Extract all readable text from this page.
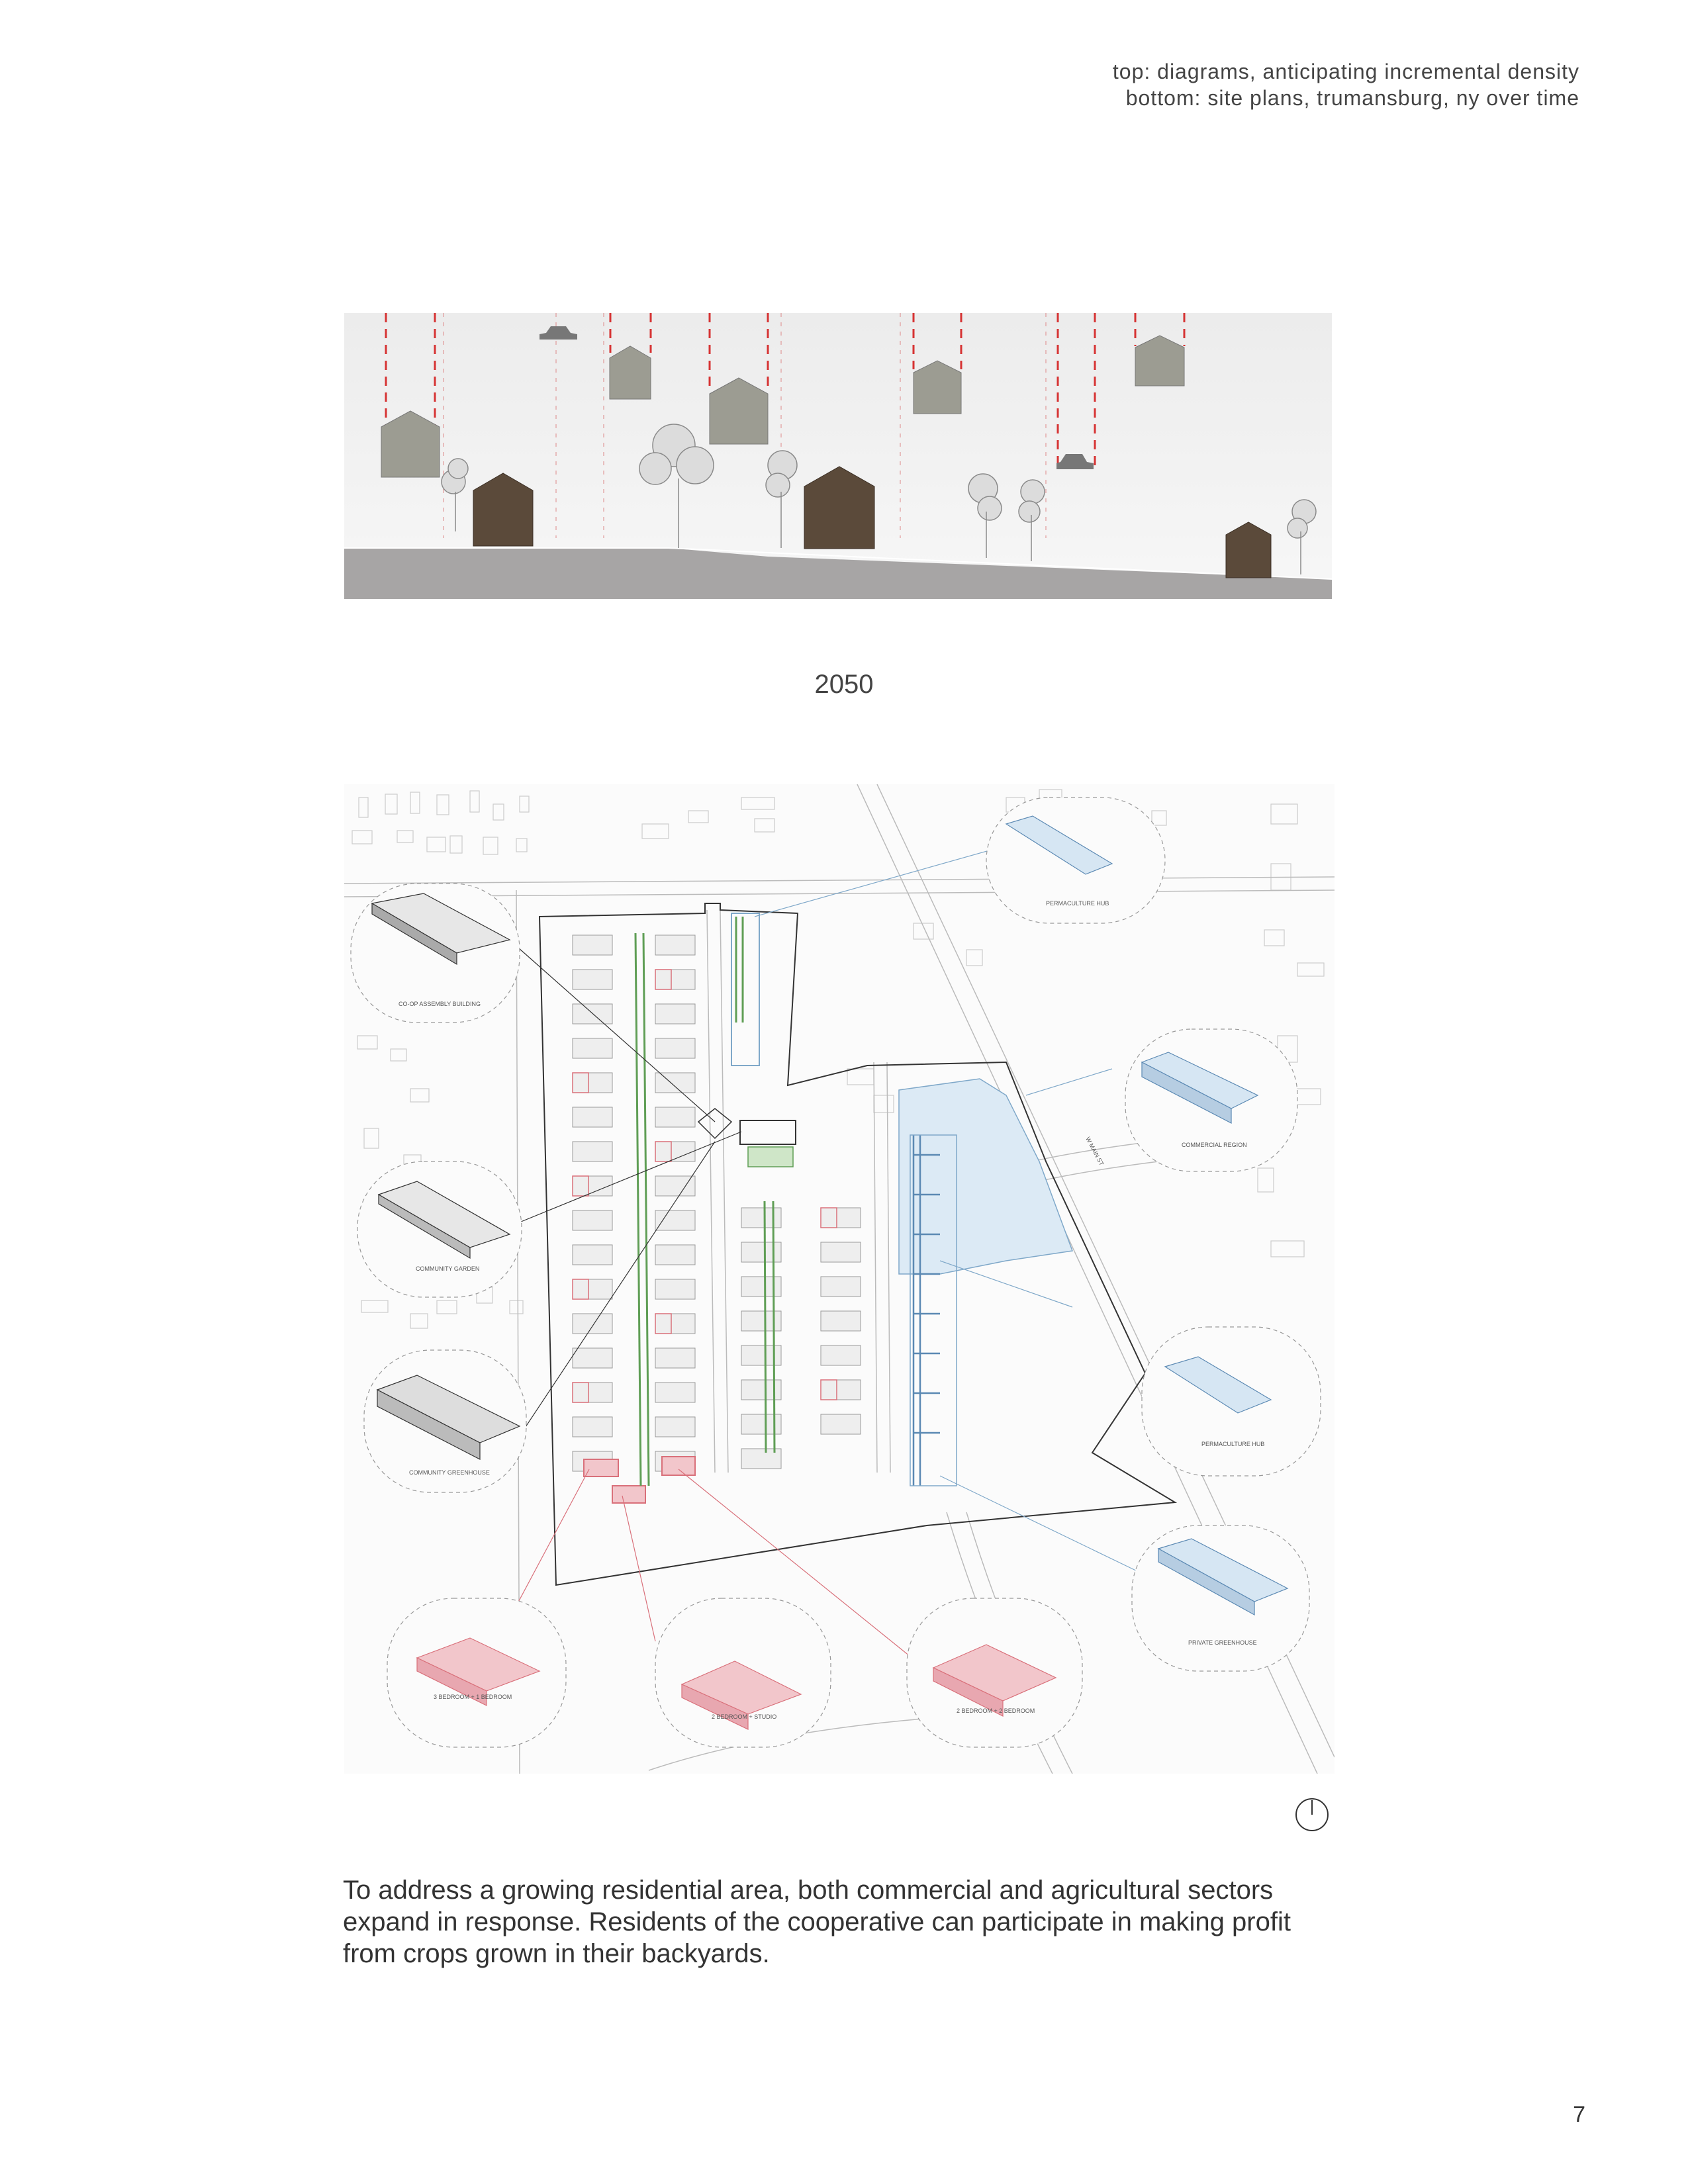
top: diagrams, anticipating incremental density
bottom: site plans, trumansburg, ny over time
2050
CO-OP ASSEMBLY BUILDING
COMMUNITY GARDEN
COMMUNITY GREENHOUSE
PERMACULTURE HUB
COMMERCIAL REGION
PERMACULTURE HUB
PRIVATE GREENHOUSE
3 BEDROOM + 1 BEDROOM
2 BEDROOM + STUDIO
2 BEDROOM + 2 BEDROOM
W MAIN ST
To address a growing residential area, both commercial and agricultural sectors expand in response. Residents of the cooperative can participate in making profit from crops grown in their backyards.
7
